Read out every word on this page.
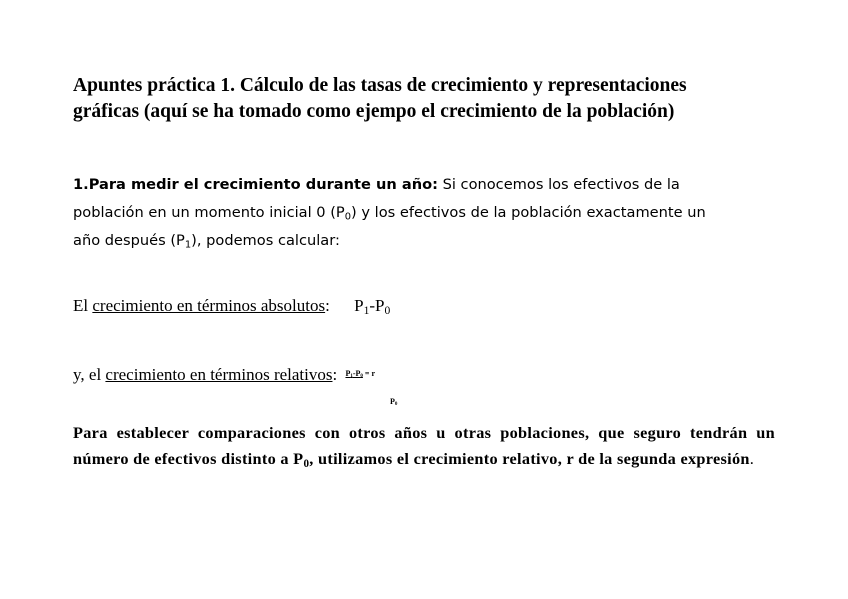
Apuntes práctica 1. Cálculo de las tasas de crecimiento y representaciones
gráficas (aquí se ha tomado como ejempo el crecimiento de la población)

1.Para medir el crecimiento durante un año: Si conocemos los efectivos de la
población en un momento inicial 0 $(P_0)$ y los efectivos de la población exactamente un
año después $(P_1)$, podemos calcular:

El crecimiento en términos absolutos: $P_1-P_0$
y, el crecimiento en términos relativos: P1-P0 = r
P0

Para establecer comparaciones con otros años u otras poblaciones, que seguro tendrán un número de efectivos distinto a $P_0$, utilizamos el crecimiento relativo, r de la segunda expresión.
